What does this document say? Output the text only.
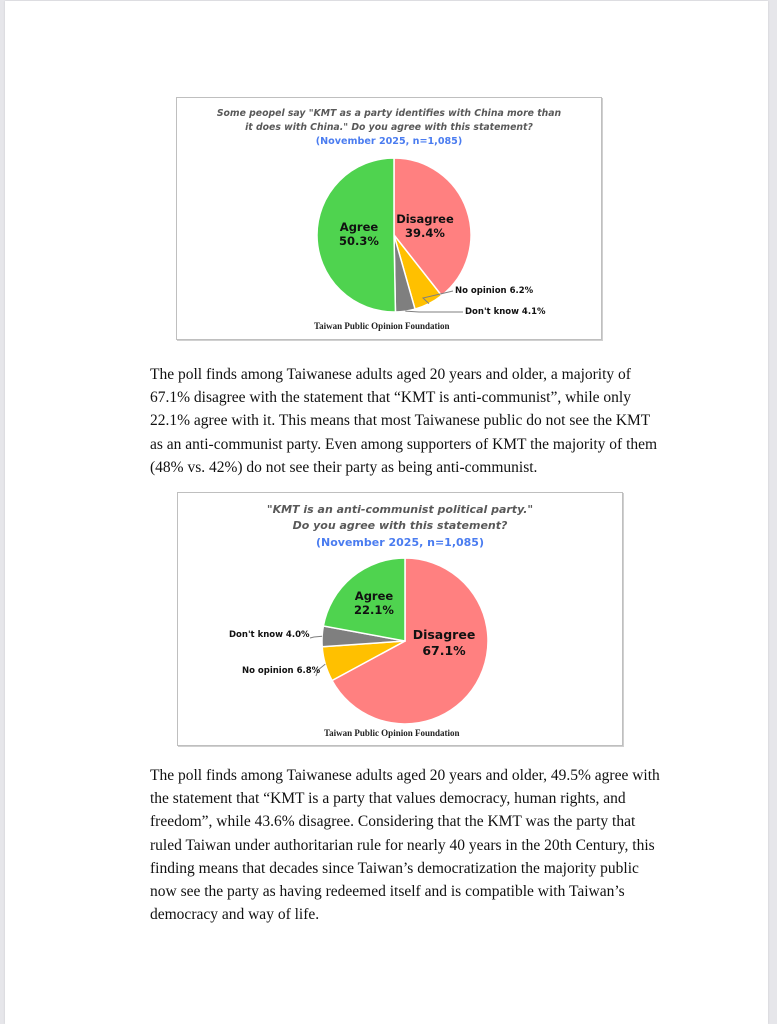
Some peopel say "KMT as a party identifies with China more than
it does with China." Do you agree with this statement?
(November 2025, n=1,085)
Agree
50.3%
Disagree
39.4%
No opinion 6.2%
Don't know 4.1%
Taiwan Public Opinion Foundation
The poll finds among Taiwanese adults aged 20 years and older, a majority of
67.1% disagree with the statement that “KMT is anti-communist”, while only
22.1% agree with it. This means that most Taiwanese public do not see the KMT
as an anti-communist party. Even among supporters of KMT the majority of them
(48% vs. 42%) do not see their party as being anti-communist.
"KMT is an anti-communist political party."
Do you agree with this statement?
(November 2025, n=1,085)
Agree
22.1%
Disagree
67.1%
Don't know 4.0%
No opinion 6.8%
Taiwan Public Opinion Foundation
The poll finds among Taiwanese adults aged 20 years and older, 49.5% agree with
the statement that “KMT is a party that values democracy, human rights, and
freedom”, while 43.6% disagree. Considering that the KMT was the party that
ruled Taiwan under authoritarian rule for nearly 40 years in the 20th Century, this
finding means that decades since Taiwan’s democratization the majority public
now see the party as having redeemed itself and is compatible with Taiwan’s
democracy and way of life.
